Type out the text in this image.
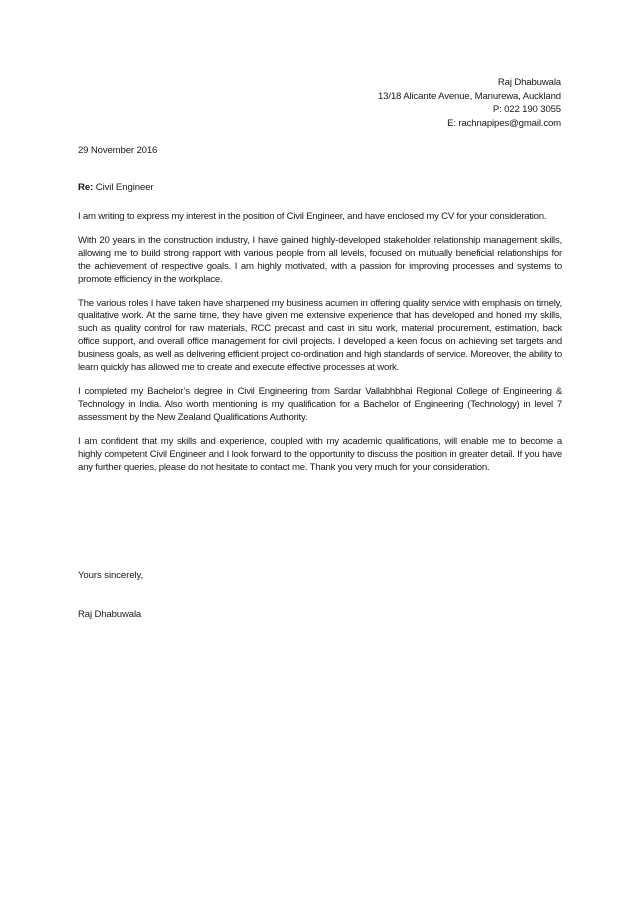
Raj Dhabuwala
13/18 Alicante Avenue, Manurewa, Auckland
P: 022 190 3055
E: rachnapipes@gmail.com
29 November 2016
Re: Civil Engineer

I am writing to express my interest in the position of Civil Engineer, and have enclosed my CV for your consideration.

With 20 years in the construction industry, I have gained highly-developed stakeholder relationship management skills, allowing me to build strong rapport with various people from all levels, focused on mutually beneficial relationships for the achievement of respective goals. I am highly motivated, with a passion for improving processes and systems to promote efficiency in the workplace.

The various roles I have taken have sharpened my business acumen in offering quality service with emphasis on timely, qualitative work. At the same time, they have given me extensive experience that has developed and honed my skills, such as quality control for raw materials, RCC precast and cast in situ work, material procurement, estimation, back office support, and overall office management for civil projects. I developed a keen focus on achieving set targets and business goals, as well as delivering efficient project co-ordination and high standards of service. Moreover, the ability to learn quickly has allowed me to create and execute effective processes at work.

I completed my Bachelor’s degree in Civil Engineering from Sardar Vallabhbhai Regional College of Engineering & Technology in India. Also worth mentioning is my qualification for a Bachelor of Engineering (Technology) in level 7 assessment by the New Zealand Qualifications Authority.

I am confident that my skills and experience, coupled with my academic qualifications, will enable me to become a highly competent Civil Engineer and I look forward to the opportunity to discuss the position in greater detail. If you have any further queries, please do not hesitate to contact me. Thank you very much for your consideration.

Yours sincerely,
Raj Dhabuwala
